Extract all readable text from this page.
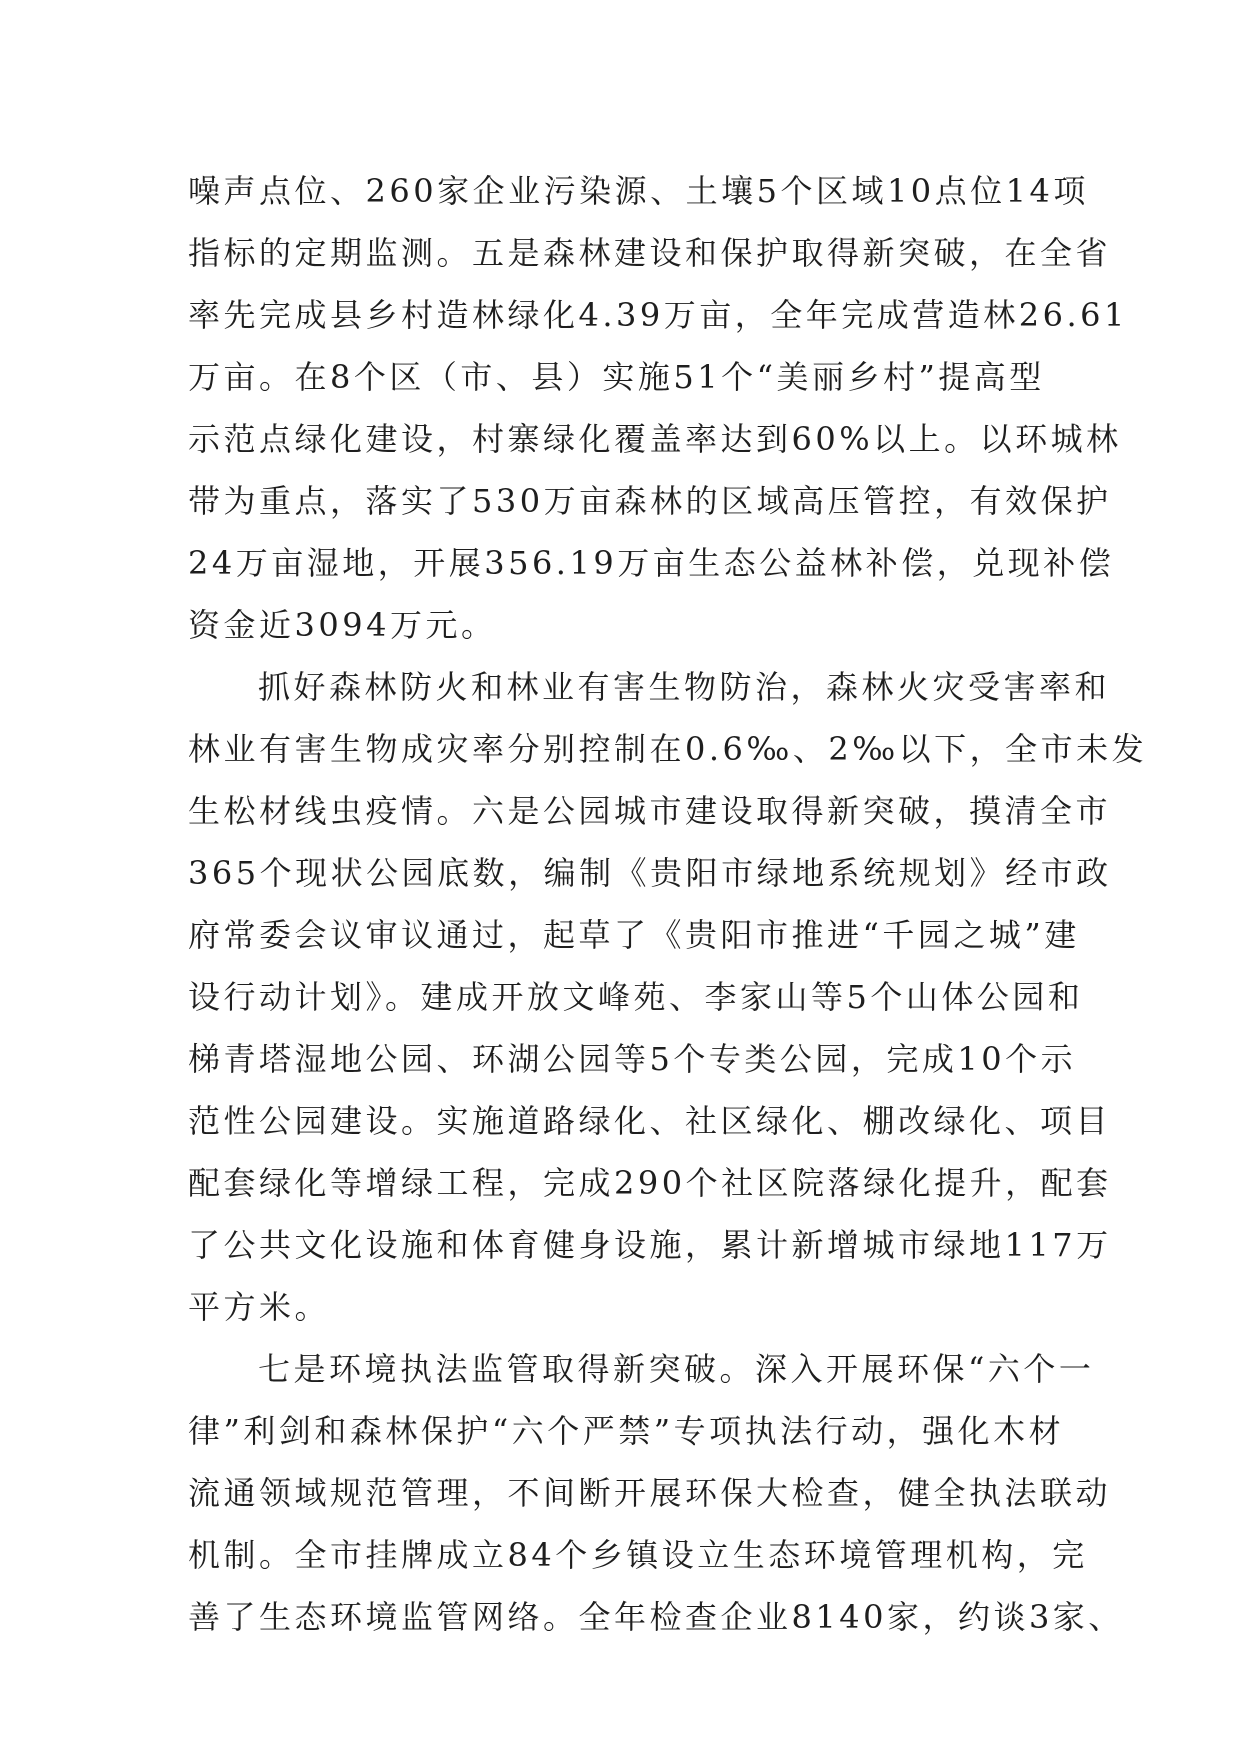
噪声点位、260家企业污染源、土壤5个区域10点位14项
指标的定期监测。五是森林建设和保护取得新突破，在全省
率先完成县乡村造林绿化4.39万亩，全年完成营造林26.61
万亩。在8个区（市、县）实施51个“美丽乡村”提高型
示范点绿化建设，村寨绿化覆盖率达到60%以上。以环城林
带为重点，落实了530万亩森林的区域高压管控，有效保护
24万亩湿地，开展356.19万亩生态公益林补偿，兑现补偿
资金近3094万元。
抓好森林防火和林业有害生物防治，森林火灾受害率和
林业有害生物成灾率分别控制在0.6‰、2‰以下，全市未发
生松材线虫疫情。六是公园城市建设取得新突破，摸清全市
365个现状公园底数，编制《贵阳市绿地系统规划》经市政
府常委会议审议通过，起草了《贵阳市推进“千园之城”建
设行动计划》。建成开放文峰苑、李家山等5个山体公园和
梯青塔湿地公园、环湖公园等5个专类公园，完成10个示
范性公园建设。实施道路绿化、社区绿化、棚改绿化、项目
配套绿化等增绿工程，完成290个社区院落绿化提升，配套
了公共文化设施和体育健身设施，累计新增城市绿地117万
平方米。
七是环境执法监管取得新突破。深入开展环保“六个一
律”利剑和森林保护“六个严禁”专项执法行动，强化木材
流通领域规范管理，不间断开展环保大检查，健全执法联动
机制。全市挂牌成立84个乡镇设立生态环境管理机构，完
善了生态环境监管网络。全年检查企业8140家，约谈3家、
